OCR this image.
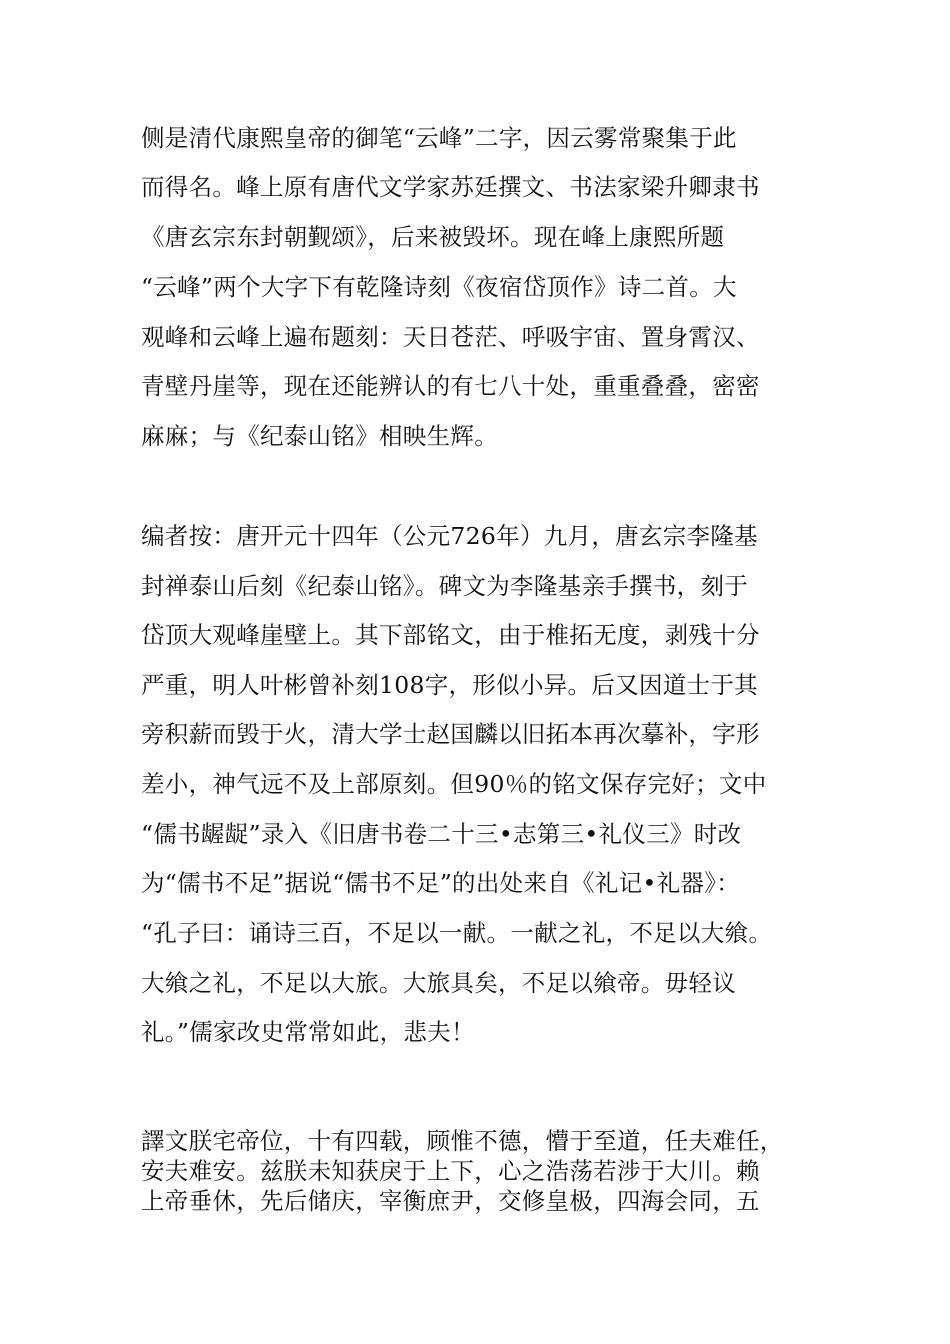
侧是清代康熙皇帝的御笔“云峰”二字，因云雾常聚集于此
而得名。峰上原有唐代文学家苏廷撰文、书法家梁升卿隶书
《唐玄宗东封朝觐颂》，后来被毁坏。现在峰上康熙所题
“云峰”两个大字下有乾隆诗刻《夜宿岱顶作》诗二首。大
观峰和云峰上遍布题刻：天日苍茫、呼吸宇宙、置身霄汉、
青壁丹崖等，现在还能辨认的有七八十处，重重叠叠，密密
麻麻；与《纪泰山铭》相映生辉。
编者按：唐开元十四年（公元726年）九月，唐玄宗李隆基
封禅泰山后刻《纪泰山铭》。碑文为李隆基亲手撰书，刻于
岱顶大观峰崖壁上。其下部铭文，由于椎拓无度，剥残十分
严重，明人叶彬曾补刻108字，形似小异。后又因道士于其
旁积薪而毁于火，清大学士赵国麟以旧拓本再次摹补，字形
差小，神气远不及上部原刻。但90％的铭文保存完好；文中
“儒书龌龊”录入《旧唐书卷二十三•志第三•礼仪三》时改
为“儒书不足”据说“儒书不足”的出处来自《礼记•礼器》：
“孔子曰：诵诗三百，不足以一献。一献之礼，不足以大飨。
大飨之礼，不足以大旅。大旅具矣，不足以飨帝。毋轻议
礼。”儒家改史常常如此，悲夫！
譯文朕宅帝位，十有四载，顾惟不德，懵于至道，任夫难任，
安夫难安。兹朕未知获戾于上下，心之浩荡若涉于大川。赖
上帝垂休，先后储庆，宰衡庶尹，交修皇极，四海会同，五
